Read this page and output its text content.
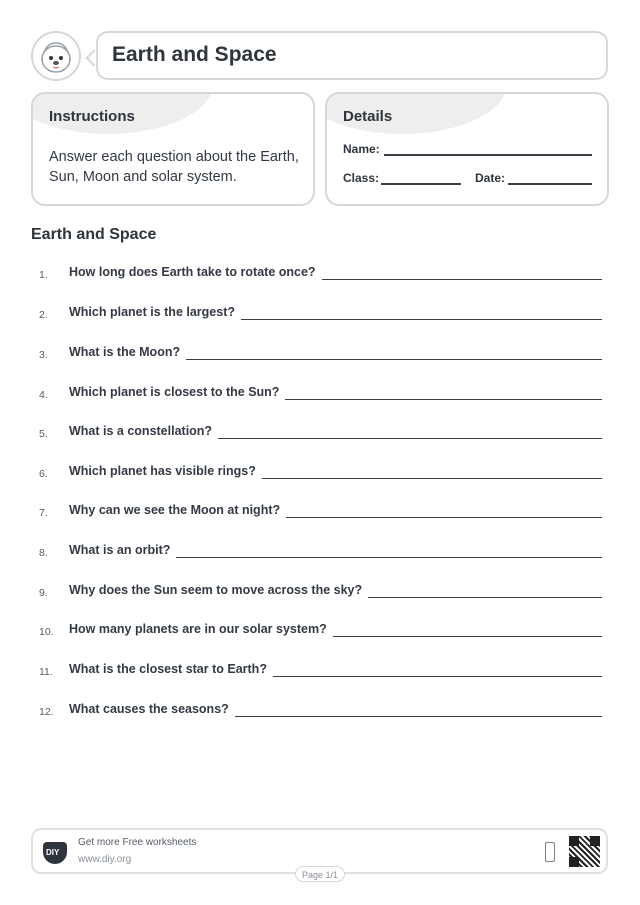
Earth and Space
Instructions
Answer each question about the Earth, Sun, Moon and solar system.
Details
Name:
Class:	Date:
Earth and Space
1. How long does Earth take to rotate once?
2. Which planet is the largest?
3. What is the Moon?
4. Which planet is closest to the Sun?
5. What is a constellation?
6. Which planet has visible rings?
7. Why can we see the Moon at night?
8. What is an orbit?
9. Why does the Sun seem to move across the sky?
10. How many planets are in our solar system?
11. What is the closest star to Earth?
12. What causes the seasons?
DIY
Get more Free worksheets
www.diy.org
Page 1/1
